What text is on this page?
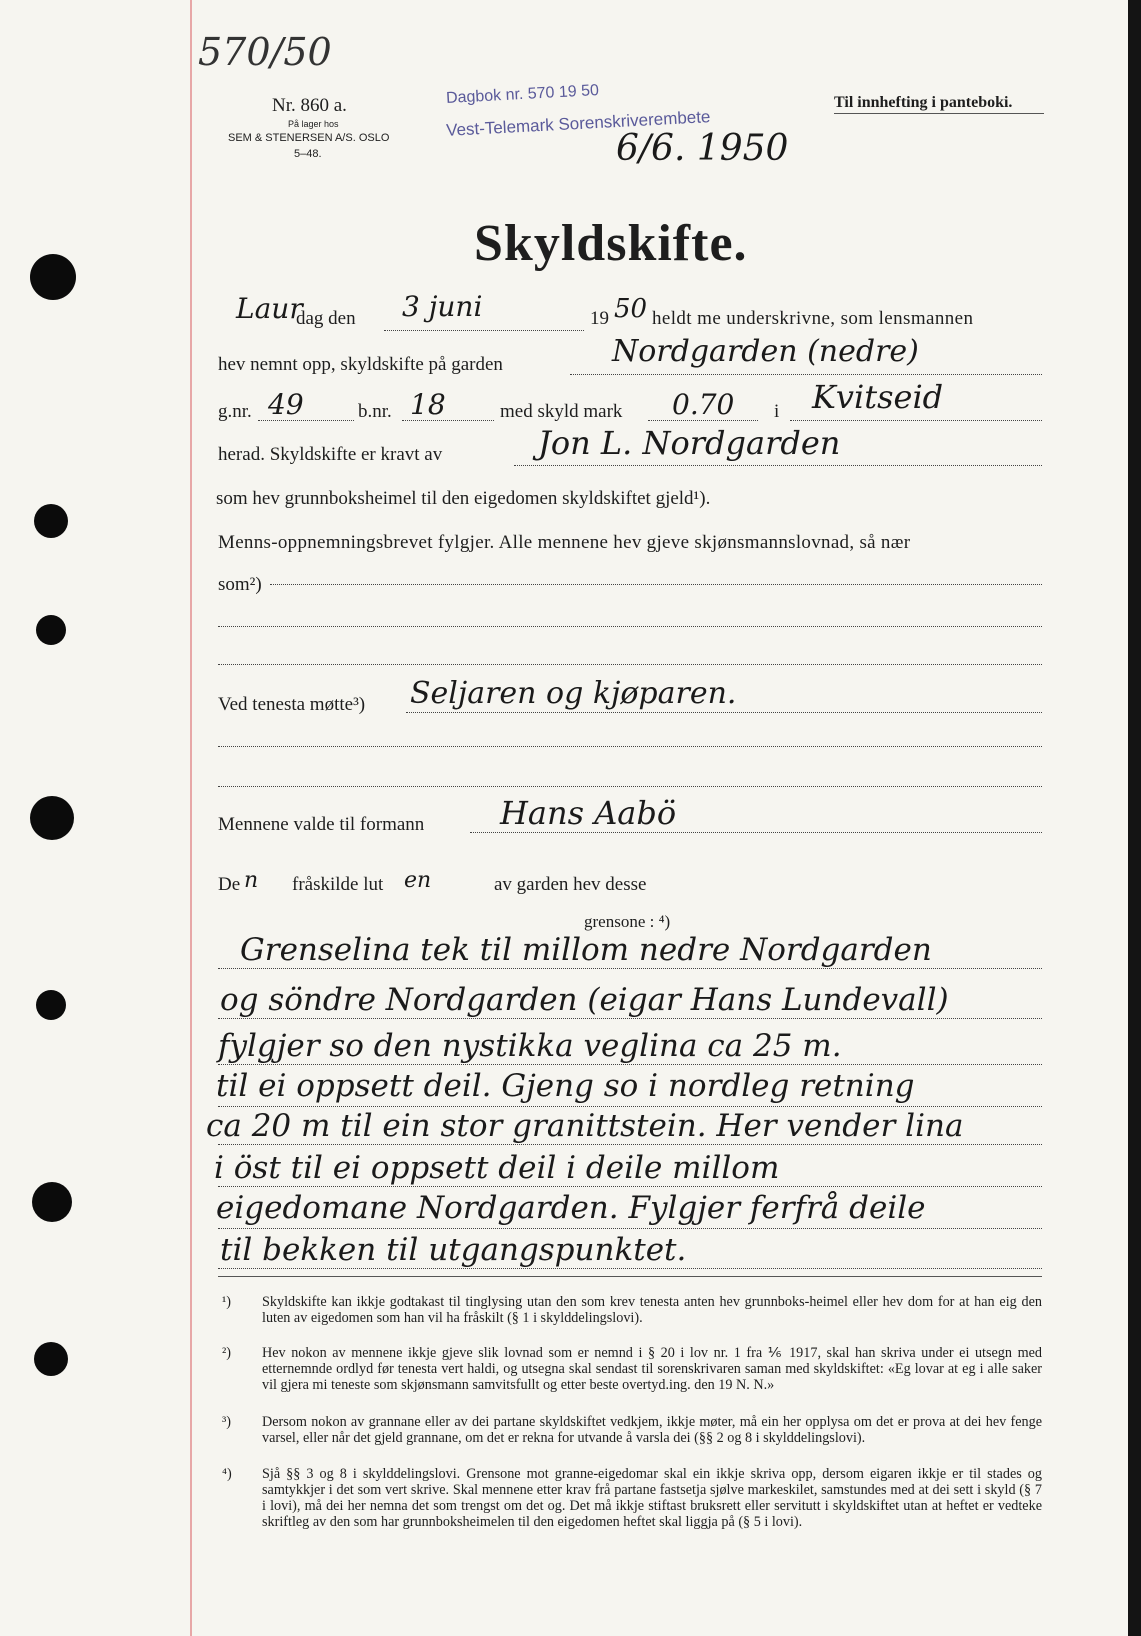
570/50
Nr. 860 a.
På lager hos
SEM & STENERSEN A/S. OSLO
5–48.
Dagbok nr. 570 19 50
Vest-Telemark Sorenskriverembete
6/6. 1950
Til innhefting i panteboki.
Skyldskifte.
Laur
dag den 3 juni	19 50 heldt me underskrivne, som lensmannen
hev nemnt opp, skyldskifte på garden	Nordgarden (nedre)
g.nr. 49	b.nr. 18	med skyld mark 0.70 i Kvitseid
herad. Skyldskifte er kravt av	Jon L. Nordgarden
som hev grunnboksheimel til den eigedomen skyldskiftet gjeld¹).
Menns-oppnemningsbrevet fylgjer. Alle mennene hev gjeve skjønsmannslovnad, så nær
som²)
Ved tenesta møtte³) Seljaren og kjøparen.
Mennene valde til formann Hans Aabö
De n fråskilde lut en	av garden hev desse
grensone : ⁴)
Grenselina tek til millom nedre Nordgarden
og söndre Nordgarden (eigar Hans Lundevall)
fylgjer so den nystikka veglina ca 25 m.
til ei oppsett deil. Gjeng so i nordleg retning
ca 20 m til ein stor granittstein. Her vender lina
i öst til ei oppsett deil i deile millom
eigedomane Nordgarden. Fylgjer ferfrå deile
til bekken til utgangspunktet.
¹) Skyldskifte kan ikkje godtakast til tinglysing utan den som krev tenesta anten hev grunnboks-heimel eller hev dom for at han eig den luten av eigedomen som han vil ha fråskilt (§ 1 i skylddelingslovi).
²) Hev nokon av mennene ikkje gjeve slik lovnad som er nemnd i § 20 i lov nr. 1 fra ⅙ 1917, skal han skriva under ei utsegn med etternemnde ordlyd før tenesta vert haldi, og utsegna skal sendast til sorenskrivaren saman med skyldskiftet: «Eg lovar at eg i alle saker vil gjera mi teneste som skjønsmann samvitsfullt og etter beste overtyd.ing. den 19 N. N.»
³) Dersom nokon av grannane eller av dei partane skyldskiftet vedkjem, ikkje møter, må ein her opplysa om det er prova at dei hev fenge varsel, eller når det gjeld grannane, om det er rekna for utvande å varsla dei (§§ 2 og 8 i skylddelingslovi).
⁴) Sjå §§ 3 og 8 i skylddelingslovi. Grensone mot granne-eigedomar skal ein ikkje skriva opp, dersom eigaren ikkje er til stades og samtykkjer i det som vert skrive. Skal mennene etter krav frå partane fastsetja sjølve markeskilet, samstundes med at dei sett i skyld (§ 7 i lovi), må dei her nemna det som trengst om det og. Det må ikkje stiftast bruksrett eller servitutt i skyldskiftet utan at heftet er vedteke skriftleg av den som har grunnboksheimelen til den eigedomen heftet skal liggja på (§ 5 i lovi).
